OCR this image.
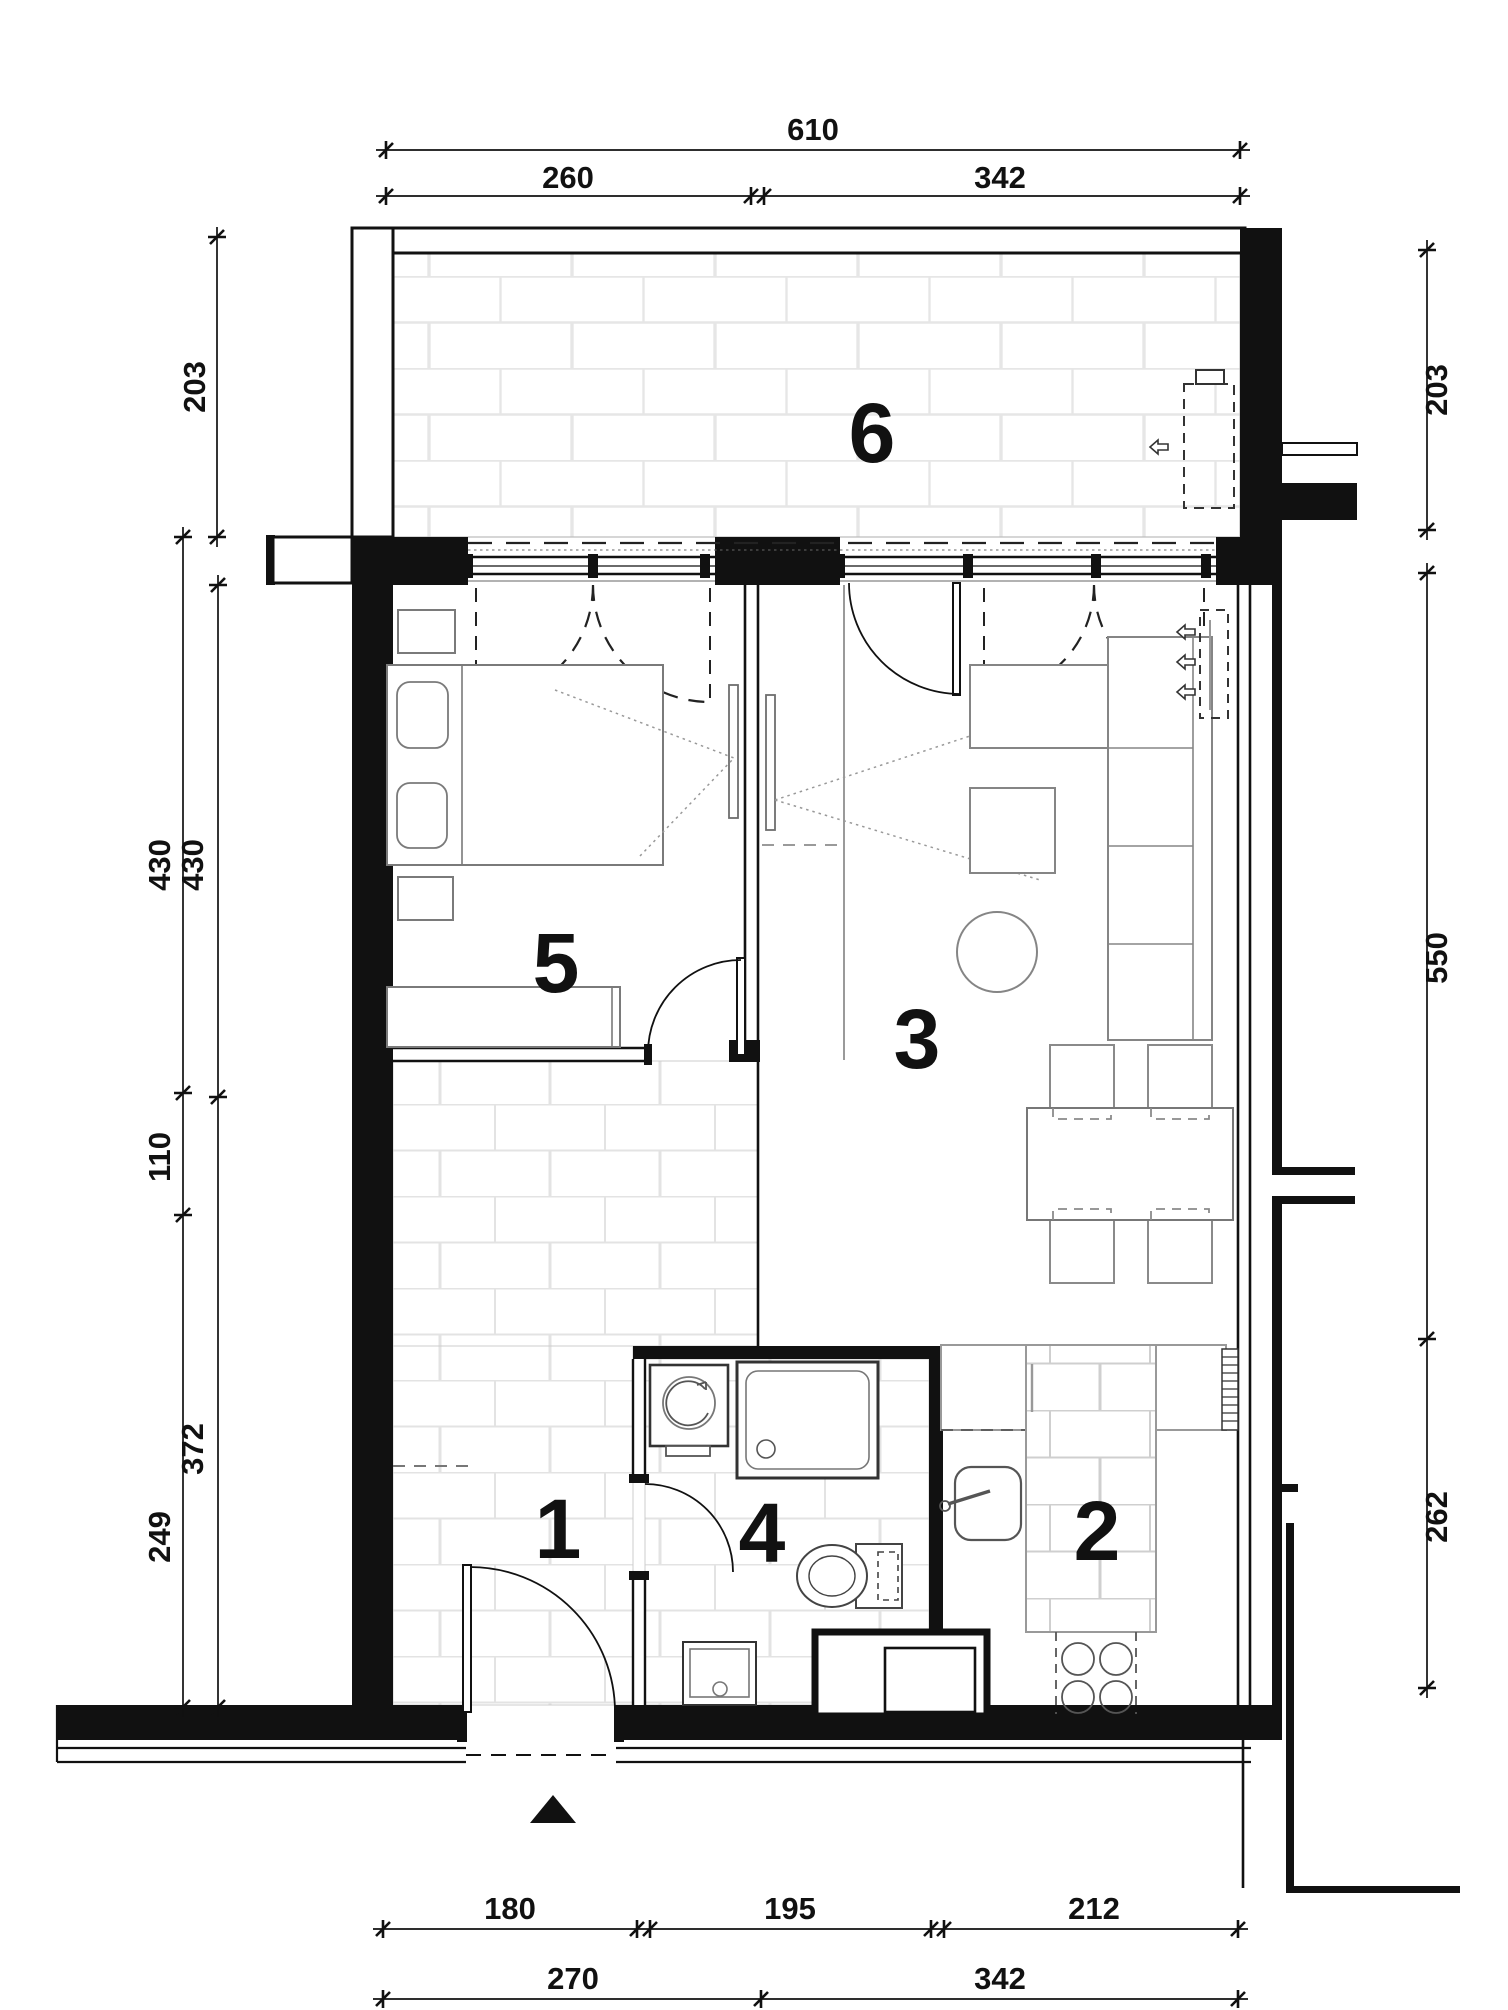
6
5
3
1 4	2
610
260	342
203
430
430
110
372
249
203
550
262
180	195	212
270	342
